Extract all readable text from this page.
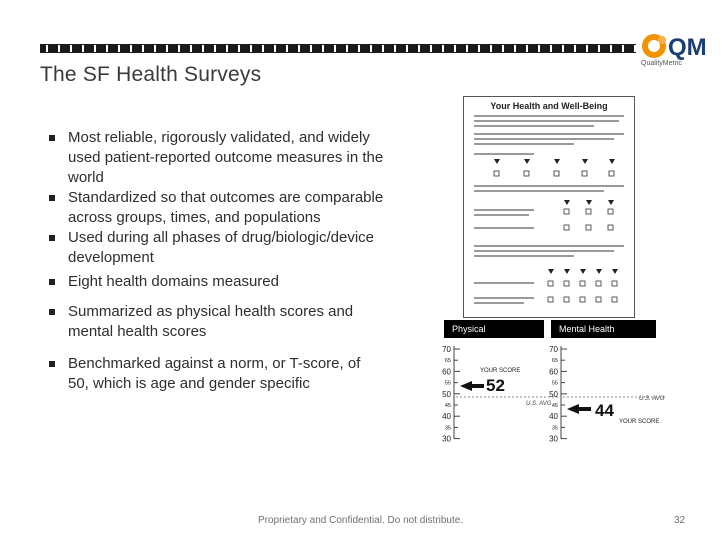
QM
QualityMetric
The SF Health Surveys
Most reliable, rigorously validated, and widely used patient-reported outcome measures in the world
Standardized so that outcomes are comparable across groups, times, and populations
Used during all phases of drug/biologic/device development
Eight health domains measured
Summarized as physical health scores and mental health scores
Benchmarked against a norm, or T-score, of 50, which is age and gender specific
Your Health and Well-Being
Physical	Mental Health
70
65
60
55
50
45
40
35
30
YOUR SCORE
52
U.S. AVG
70
65
60
55
50
45
40
35
30
U.S. AVG
44
YOUR SCORE
Proprietary and Confidential. Do not distribute.	32
